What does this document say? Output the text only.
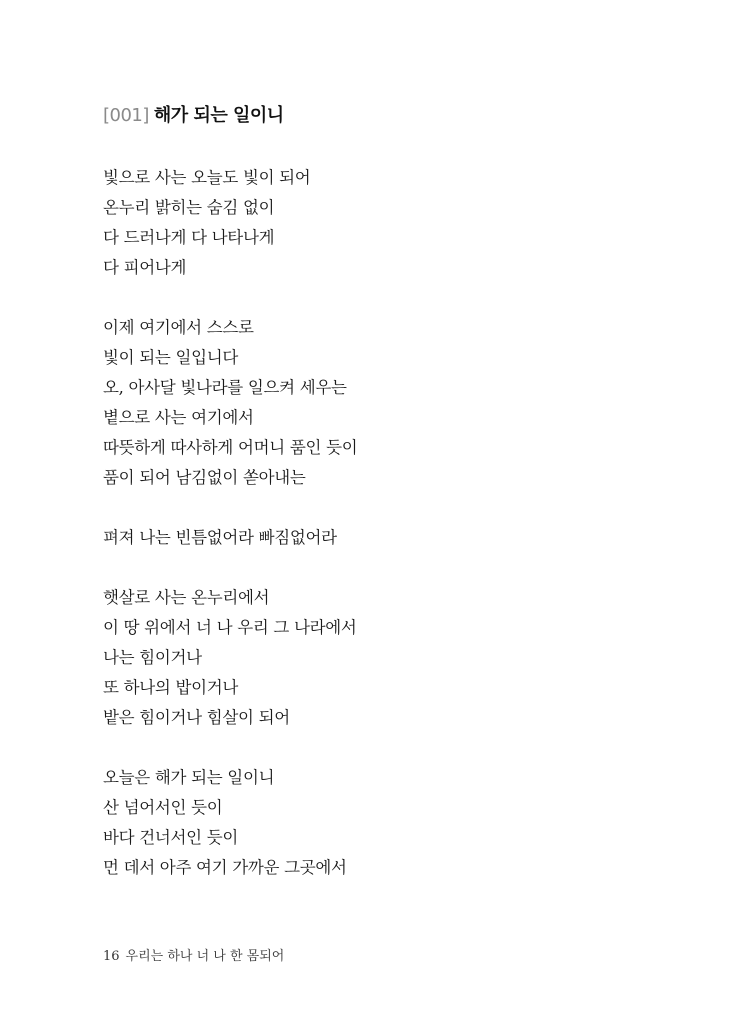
[001] 해가 되는 일이니

빛으로 사는 오늘도 빛이 되어
온누리 밝히는 숨김 없이
다 드러나게 다 나타나게
다 피어나게

이제 여기에서 스스로
빛이 되는 일입니다
오, 아사달 빛나라를 일으켜 세우는
볕으로 사는 여기에서
따뜻하게 따사하게 어머니 품인 듯이
품이 되어 남김없이 쏟아내는

펴져 나는 빈틈없어라 빠짐없어라

햇살로 사는 온누리에서
이 땅 위에서 너 나 우리 그 나라에서
나는 힘이거나
또 하나의 밥이거나
밭은 힘이거나 힘살이 되어

오늘은 해가 되는 일이니
산 넘어서인 듯이
바다 건너서인 듯이
먼 데서 아주 여기 가까운 그곳에서

16 우리는 하나 너 나 한 몸되어
